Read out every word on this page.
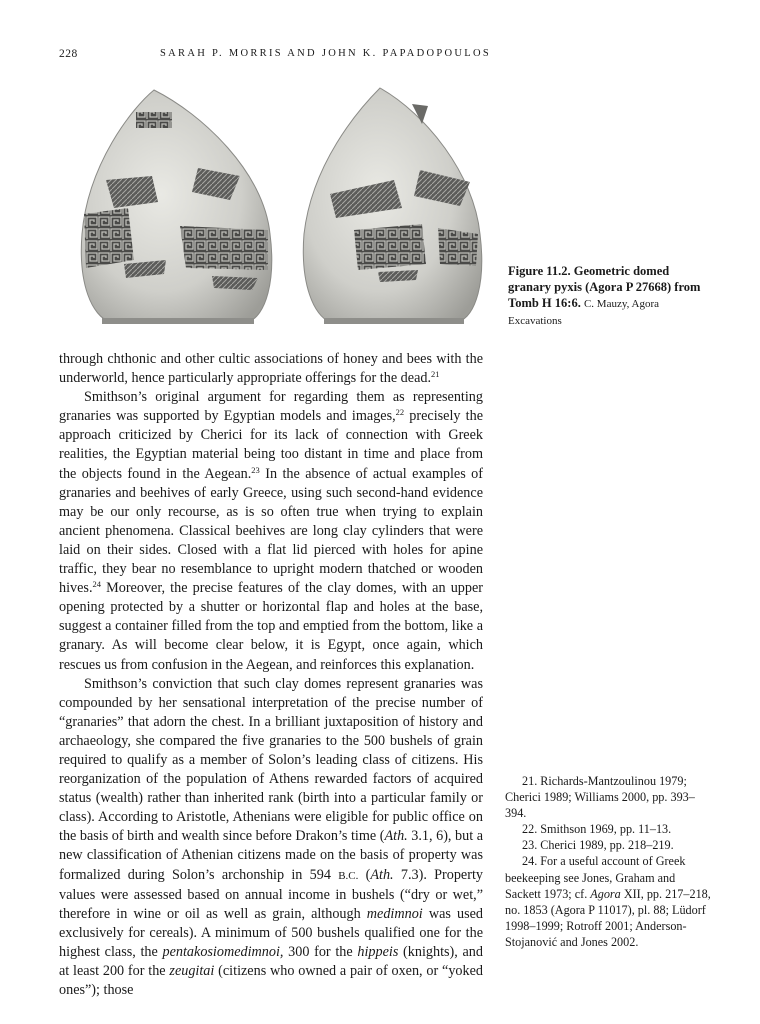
228	SARAH P. MORRIS AND JOHN K. PAPADOPOULOS
Figure 11.2. Geometric domed granary pyxis (Agora P 27668) from Tomb H 16:6. C. Mauzy, Agora Excavations

through chthonic and other cultic associations of honey and bees with the underworld, hence particularly appropriate offerings for the dead.$^{21}$

Smithson’s original argument for regarding them as representing granaries was supported by Egyptian models and images,$^{22}$ precisely the approach criticized by Cherici for its lack of connection with Greek realities, the Egyptian material being too distant in time and place from the objects found in the Aegean.$^{23}$ In the absence of actual examples of granaries and beehives of early Greece, using such second-hand evidence may be our only recourse, as is so often true when trying to explain ancient phenomena. Classical beehives are long clay cylinders that were laid on their sides. Closed with a flat lid pierced with holes for apine traffic, they bear no resemblance to upright modern thatched or wooden hives.$^{24}$ Moreover, the precise features of the clay domes, with an upper opening protected by a shutter or horizontal flap and holes at the base, suggest a container filled from the top and emptied from the bottom, like a granary. As will become clear below, it is Egypt, once again, which rescues us from confusion in the Aegean, and reinforces this explanation.

Smithson’s conviction that such clay domes represent granaries was compounded by her sensational interpretation of the precise number of “granaries” that adorn the chest. In a brilliant juxtaposition of history and archaeology, she compared the five granaries to the 500 bushels of grain required to qualify as a member of Solon’s leading class of citizens. His reorganization of the population of Athens rewarded factors of acquired status (wealth) rather than inherited rank (birth into a particular family or class). According to Aristotle, Athenians were eligible for public office on the basis of birth and wealth since before Drakon’s time (Ath. 3.1, 6), but a new classification of Athenian citizens made on the basis of property was formalized during Solon’s archonship in 594 B.C. (Ath. 7.3). Property values were assessed based on annual income in bushels (“dry or wet,” therefore in wine or oil as well as grain, although medimnoi was used exclusively for cereals). A minimum of 500 bushels qualified one for the highest class, the pentakosiomedimnoi, 300 for the hippeis (knights), and at least 200 for the zeugitai (citizens who owned a pair of oxen, or “yoked ones”); those

21. Richards-Mantzoulinou 1979; Cherici 1989; Williams 2000, pp. 393–394.

22. Smithson 1969, pp. 11–13.

23. Cherici 1989, pp. 218–219.

24. For a useful account of Greek beekeeping see Jones, Graham and Sackett 1973; cf. Agora XII, pp. 217–218, no. 1853 (Agora P 11017), pl. 88; Lüdorf 1998–1999; Rotroff 2001; Anderson-Stojanović and Jones 2002.
